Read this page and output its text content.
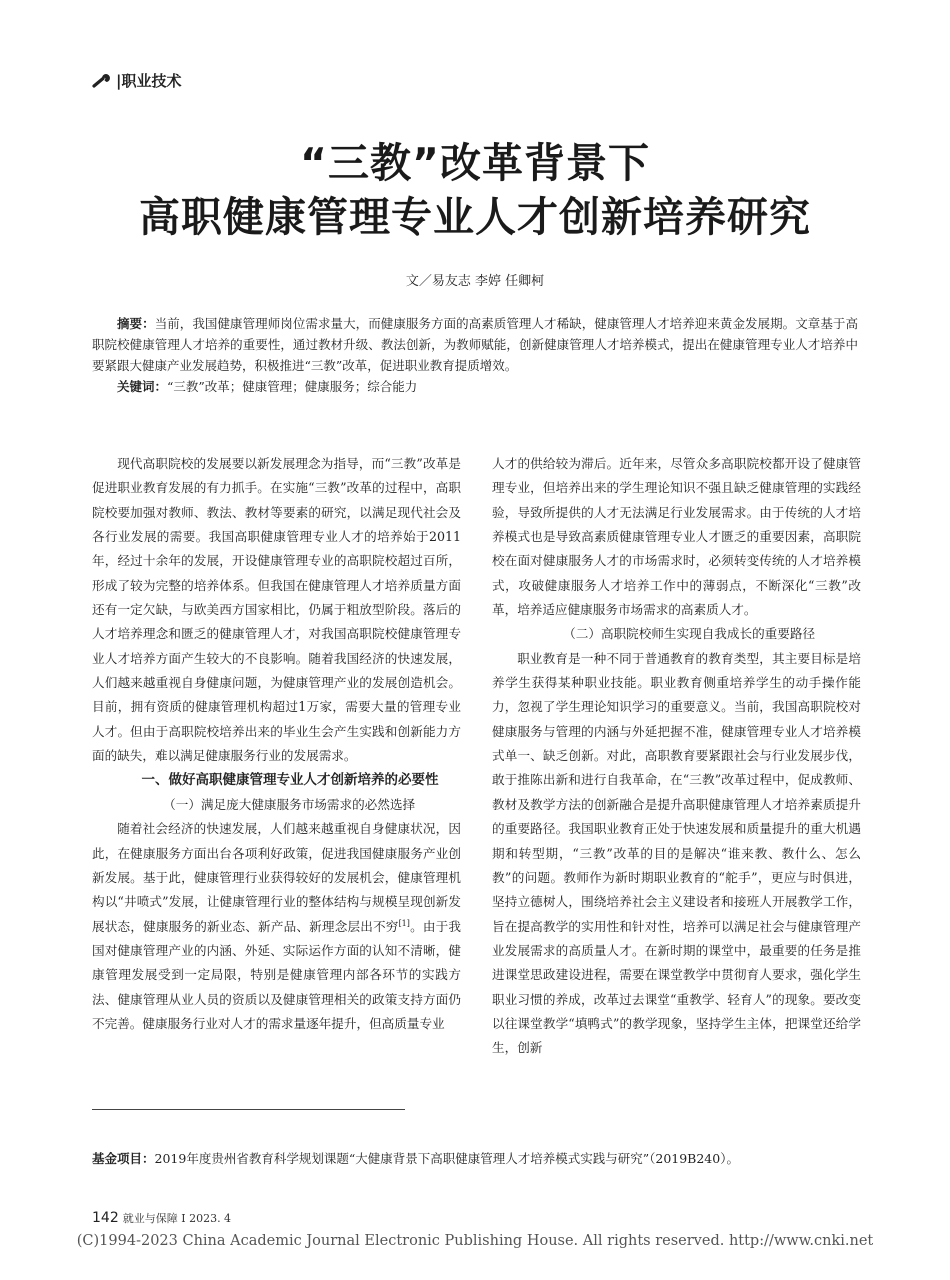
|职业技术
“三教”改革背景下
高职健康管理专业人才创新培养研究
文／易友志 李婷 任卿柯

摘要：当前，我国健康管理师岗位需求量大，而健康服务方面的高素质管理人才稀缺，健康管理人才培养迎来黄金发展期。文章基于高职院校健康管理人才培养的重要性，通过教材升级、教法创新，为教师赋能，创新健康管理人才培养模式，提出在健康管理专业人才培养中要紧跟大健康产业发展趋势，积极推进“三教”改革，促进职业教育提质增效。

关键词：“三教”改革；健康管理；健康服务；综合能力

现代高职院校的发展要以新发展理念为指导，而“三教”改革是促进职业教育发展的有力抓手。在实施“三教”改革的过程中，高职院校要加强对教师、教法、教材等要素的研究，以满足现代社会及各行业发展的需要。我国高职健康管理专业人才的培养始于2011年，经过十余年的发展，开设健康管理专业的高职院校超过百所，形成了较为完整的培养体系。但我国在健康管理人才培养质量方面还有一定欠缺，与欧美西方国家相比，仍属于粗放型阶段。落后的人才培养理念和匮乏的健康管理人才，对我国高职院校健康管理专业人才培养方面产生较大的不良影响。随着我国经济的快速发展，人们越来越重视自身健康问题，为健康管理产业的发展创造机会。目前，拥有资质的健康管理机构超过1万家，需要大量的管理专业人才。但由于高职院校培养出来的毕业生会产生实践和创新能力方面的缺失，难以满足健康服务行业的发展需求。

一、做好高职健康管理专业人才创新培养的必要性

（一）满足庞大健康服务市场需求的必然选择

随着社会经济的快速发展，人们越来越重视自身健康状况，因此，在健康服务方面出台各项利好政策，促进我国健康服务产业创新发展。基于此，健康管理行业获得较好的发展机会，健康管理机构以“井喷式”发展，让健康管理行业的整体结构与规模呈现创新发展状态，健康服务的新业态、新产品、新理念层出不穷[1]。由于我国对健康管理产业的内涵、外延、实际运作方面的认知不清晰，健康管理发展受到一定局限，特别是健康管理内部各环节的实践方法、健康管理从业人员的资质以及健康管理相关的政策支持方面仍不完善。健康服务行业对人才的需求量逐年提升，但高质量专业

人才的供给较为滞后。近年来，尽管众多高职院校都开设了健康管理专业，但培养出来的学生理论知识不强且缺乏健康管理的实践经验，导致所提供的人才无法满足行业发展需求。由于传统的人才培养模式也是导致高素质健康管理专业人才匮乏的重要因素，高职院校在面对健康服务人才的市场需求时，必须转变传统的人才培养模式，攻破健康服务人才培养工作中的薄弱点，不断深化“三教”改革，培养适应健康服务市场需求的高素质人才。

（二）高职院校师生实现自我成长的重要路径

职业教育是一种不同于普通教育的教育类型，其主要目标是培养学生获得某种职业技能。职业教育侧重培养学生的动手操作能力，忽视了学生理论知识学习的重要意义。当前，我国高职院校对健康服务与管理的内涵与外延把握不准，健康管理专业人才培养模式单一、缺乏创新。对此，高职教育要紧跟社会与行业发展步伐，敢于推陈出新和进行自我革命，在“三教”改革过程中，促成教师、教材及教学方法的创新融合是提升高职健康管理人才培养素质提升的重要路径。我国职业教育正处于快速发展和质量提升的重大机遇期和转型期，“三教”改革的目的是解决“谁来教、教什么、怎么教”的问题。教师作为新时期职业教育的“舵手”，更应与时俱进，坚持立德树人，围绕培养社会主义建设者和接班人开展教学工作，旨在提高教学的实用性和针对性，培养可以满足社会与健康管理产业发展需求的高质量人才。在新时期的课堂中，最重要的任务是推进课堂思政建设进程，需要在课堂教学中贯彻育人要求，强化学生职业习惯的养成，改革过去课堂“重教学、轻育人”的现象。要改变以往课堂教学“填鸭式”的教学现象，坚持学生主体，把课堂还给学生，创新

基金项目：2019年度贵州省教育科学规划课题“大健康背景下高职健康管理人才培养模式实践与研究”（2019B240）。
142 就业与保障 I 2023. 4
(C)1994-2023 China Academic Journal Electronic Publishing House. All rights reserved. http://www.cnki.net
